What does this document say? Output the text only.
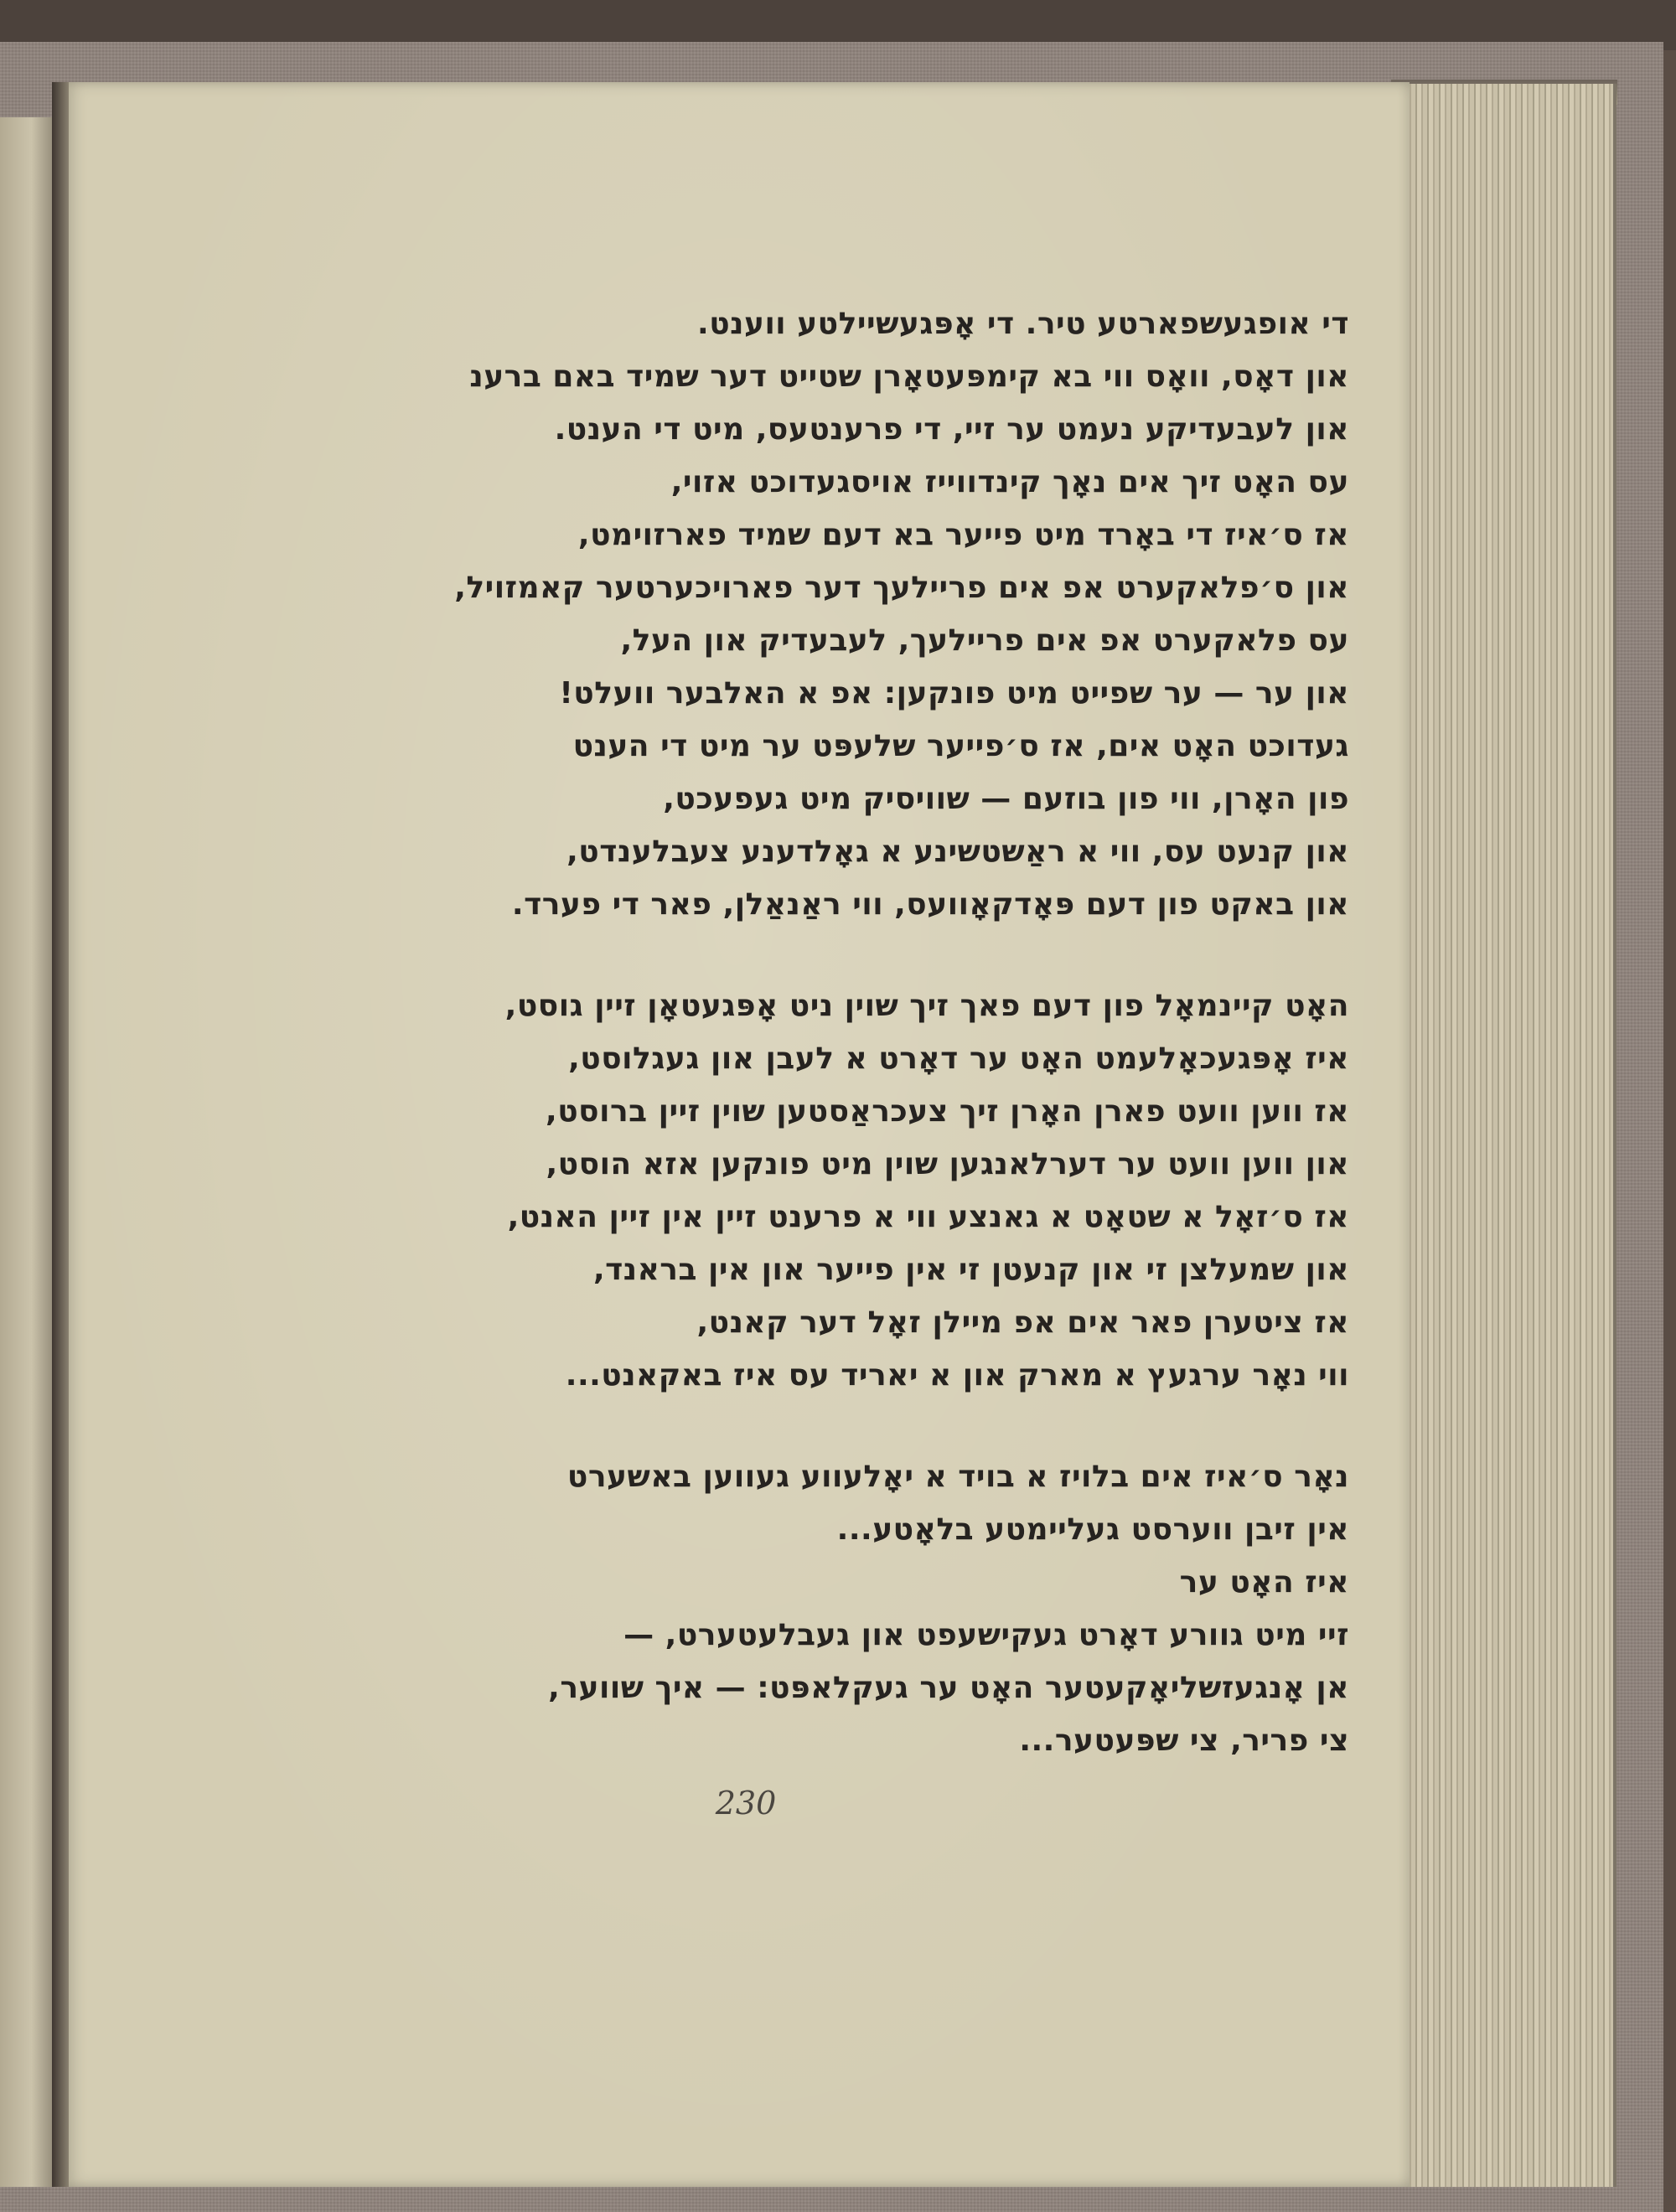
די אופגעשפארטע טיר. די אָפּגעשיילטע ווענט.
און דאָס, וואָס ווי בא קימפּעטאָרן שטייט דער שמיד באם ברענ
און לעבעדיקע נעמט ער זיי, די פרענטעס, מיט די הענט.
עס האָט זיך אים נאָך קינדווייז אויסגעדוכט אזוי,
אז ס׳איז די באָרד מיט פייער בא דעם שמיד פארזוימט,
און ס׳פלאקערט אפ אים פריילעך דער פארויכערטער קאמזויל,
עס פלאקערט אפ אים פריילעך, לעבעדיק און העל,
און ער — ער שפייט מיט פונקען: אפ א האלבער וועלט!
געדוכט האָט אים, אז ס׳פייער שלעפּט ער מיט די הענט
פון האָרן, ווי פון בוזעם — שוויסיק מיט געפעכט,
און קנעט עס, ווי א ראַשטשינע א גאָלדענע צעבלענדט,
און באקט פון דעם פּאָדקאָוועס, ווי ראַנאַלן, פאר די פערד.
האָט קיינמאָל פון דעם פאך זיך שוין ניט אָפּגעטאָן זיין גוסט,
איז אָפּגעכאָלעמט האָט ער דאָרט א לעבן און געגלוסט,
אז ווען וועט פארן האָרן זיך צעכראַסטען שוין זיין ברוסט,
און ווען וועט ער דערלאנגען שוין מיט פונקען אזא הוסט,
אז ס׳זאָל א שטאָט א גאנצע ווי א פרענט זיין אין זיין האנט,
און שמעלצן זי און קנעטן זי אין פייער און אין בראנד,
אז ציטערן פאר אים אפ מיילן זאָל דער קאנט,
ווי נאָר ערגעץ א מארק און א יאריד עס איז באקאנט...
נאָר ס׳איז אים בלויז א בויד א יאָלעווע געווען באשערט
אין זיבן ווערסט געליימטע בלאָטע...
איז האָט ער
זיי מיט גוורע דאָרט געקישעפט און געבלעטערט, —
אן אָנגעזשליאָקעטער האָט ער געקלאפּט: — איך שווער,
צי פריר, צי שפּעטער...
230
